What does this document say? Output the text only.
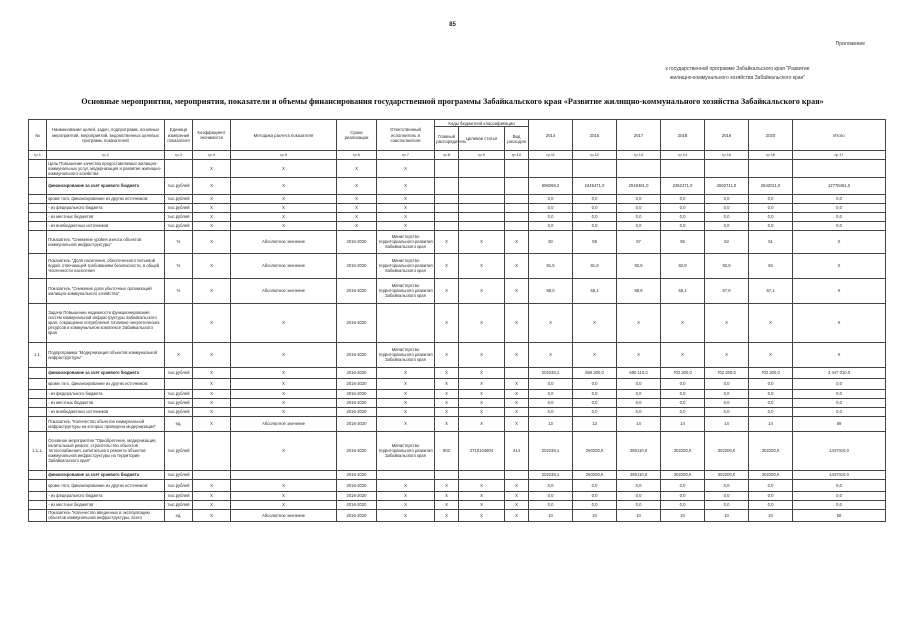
85
Приложение
к государственной программе Забайкальского края "Развитие
жилищно-коммунального хозяйства Забайкальского края"
Основные мероприятия, мероприятия, показатели и объемы финансирования государственной программы Забайкальского края «Развитие жилищно-коммунального хозяйства Забайкальского края»
№	Наименование целей, задач, подпрограмм, основных мероприятий, мероприятий, ведомственных целевых программ, показателей	Единица измерения показателя	Коэффициент значимости	Методика расчета показателя	Сроки реализации	Ответственный исполнитель и соисполнители	Коды бюджетной классификации			2014	2015	2017	2018	2019	2020	Итого
							Главный распорядитель	Целевая статья	Вид расходов							
гр.1	гр.2	гр.3	гр.4	гр.5	гр.6	гр.7	гр.8	гр.9	гр.10	гр.11	гр.12	гр.13	гр.14	гр.15	гр.16	гр.17
	Цель Повышение качества предоставляемых жилищно-коммунальных услуг, модернизация и развитие жилищно-коммунального хозяйства		Х	Х	Х	Х										
	финансирование за счет краевого бюджета	тыс.рублей	Х	Х	Х	Х				698269,2	2445471,0	2519481,0	2362471,0	2802711,0	2642011,0	12778461,0
	кроме того, финансирование из других источников:	тыс.рублей	Х	Х	Х	Х				0,0	0,0	0,0	0,0	0,0	0,0	0,0
	- из федерального бюджета	тыс.рублей	Х	Х	Х	Х				0,0	0,0	0,0	0,0	0,0	0,0	0,0
	- из местных бюджетов	тыс.рублей	Х	Х	Х	Х				0,0	0,0	0,0	0,0	0,0	0,0	0,0
	- из внебюджетных источников	тыс.рублей	Х	Х	Х	Х				0,0	0,0	0,0	0,0	0,0	0,0	0,0
	Показатель "Снижение уровня износа объектов коммунальной инфраструктуры"	%	Х	Абсолютное значение	2016-2020	Министерство территориального развития Забайкальского края	Х	Х	Х	60	59	57	55	53	51	Х
	Показатель "Доля населения, обеспеченного питьевой водой, отвечающей требованиям безопасности, в общей численности населения	%	Х	Абсолютное значение	2016-2020	Министерство территориального развития Забайкальского края	Х	Х	Х	81,5	81,8	82,6	82,8	82,9	84	Х
	Показатель "Снижение доли убыточных организаций жилищно-коммунального хозяйства"	%	Х	Абсолютное значение	2016-2020	Министерство территориального развития Забайкальского края	Х	Х	Х	58,0	58,1	58,6	58,1	57,8	57,1	Х
	Задача Повышение надежности функционирования систем коммунальной инфраструктуры Забайкальского края, сокращение потребления топливно-энергетических ресурсов в коммунальном комплексе Забайкальского края		Х	Х	2016-2020		Х	Х	Х	Х	Х	Х	Х	Х	Х	Х
1.1.	Подпрограмма "Модернизация объектов коммунальной инфраструктуры"	Х	Х	Х	2016-2020	Министерство территориального развития Забайкальского края	Х	Х	Х	Х	Х	Х	Х	Х	Х	Х
	финансирование за счет краевого бюджета	тыс.рублей	Х	Х	2016-2020	Х	Х	Х		202248,1	650 200,0	690 110,0	702 200,0	702 200,0	702 200,0	3 447 010,0
	кроме того, финансирование из других источников:		Х	Х	2016-2020	Х	Х	Х	Х	0,0	0,0	0,0	0,0	0,0	0,0	0,0
	- из федерального бюджета	тыс.рублей	Х	Х	2016-2020	Х	Х	Х	Х	0,0	0,0	0,0	0,0	0,0	0,0	0,0
	- из местных бюджетов	тыс.рублей	Х	Х	2016-2020	Х	Х	Х	Х	0,0	0,0	0,0	0,0	0,0	0,0	0,0
	- из внебюджетных источников	тыс.рублей	Х	Х	2016-2020	Х	Х	Х	Х	0,0	0,0	0,0	0,0	0,0	0,0	0,0
	Показатель "Количество объектов коммунальной инфраструктуры на которых проведена модернизация"	ед.	Х	Абсолютное значение	2016-2020	Х	Х	Х	Х	13	13	14	14	14	14	69
1.1.1.	Основное мероприятие "Приобретение, модернизация, капитальный ремонт, строительство объектов теплоснабжения, капитального ремонта объектов коммунальной инфраструктуры на территории Забайкальского края"	тыс.рублей		Х	2016-2020	Министерство территориального развития Забайкальского края	902	2710104904	414	202248,1	250200,0	290110,0	302200,0	302200,0	302200,0	1447010,0
	финансирование за счет краевого бюджета	тыс.рублей			2016-2020					202248,1	250200,0	290110,0	302200,0	302200,0	302200,0	1447010,0
	кроме того, финансирование из других источников:	тыс.рублей	Х	Х	2016-2020	Х	Х	Х	Х	0,0	0,0	0,0	0,0	0,0	0,0	0,0
	- из федерального бюджета	тыс.рублей	Х	Х	2016-2020	Х	Х	Х	Х	0,0	0,0	0,0	0,0	0,0	0,0	0,0
	- из местных бюджетов	тыс.рублей	Х	Х	2016-2020	Х	Х	Х	Х	0,0	0,0	0,0	0,0	0,0	0,0	0,0
	Показатель "Количество введенных в эксплуатацию объектов коммунальной инфраструктуры, всего	ед.	Х	Абсолютное значение	2016-2020	Х	Х	Х	Х	10	10	10	10	10	10	50
